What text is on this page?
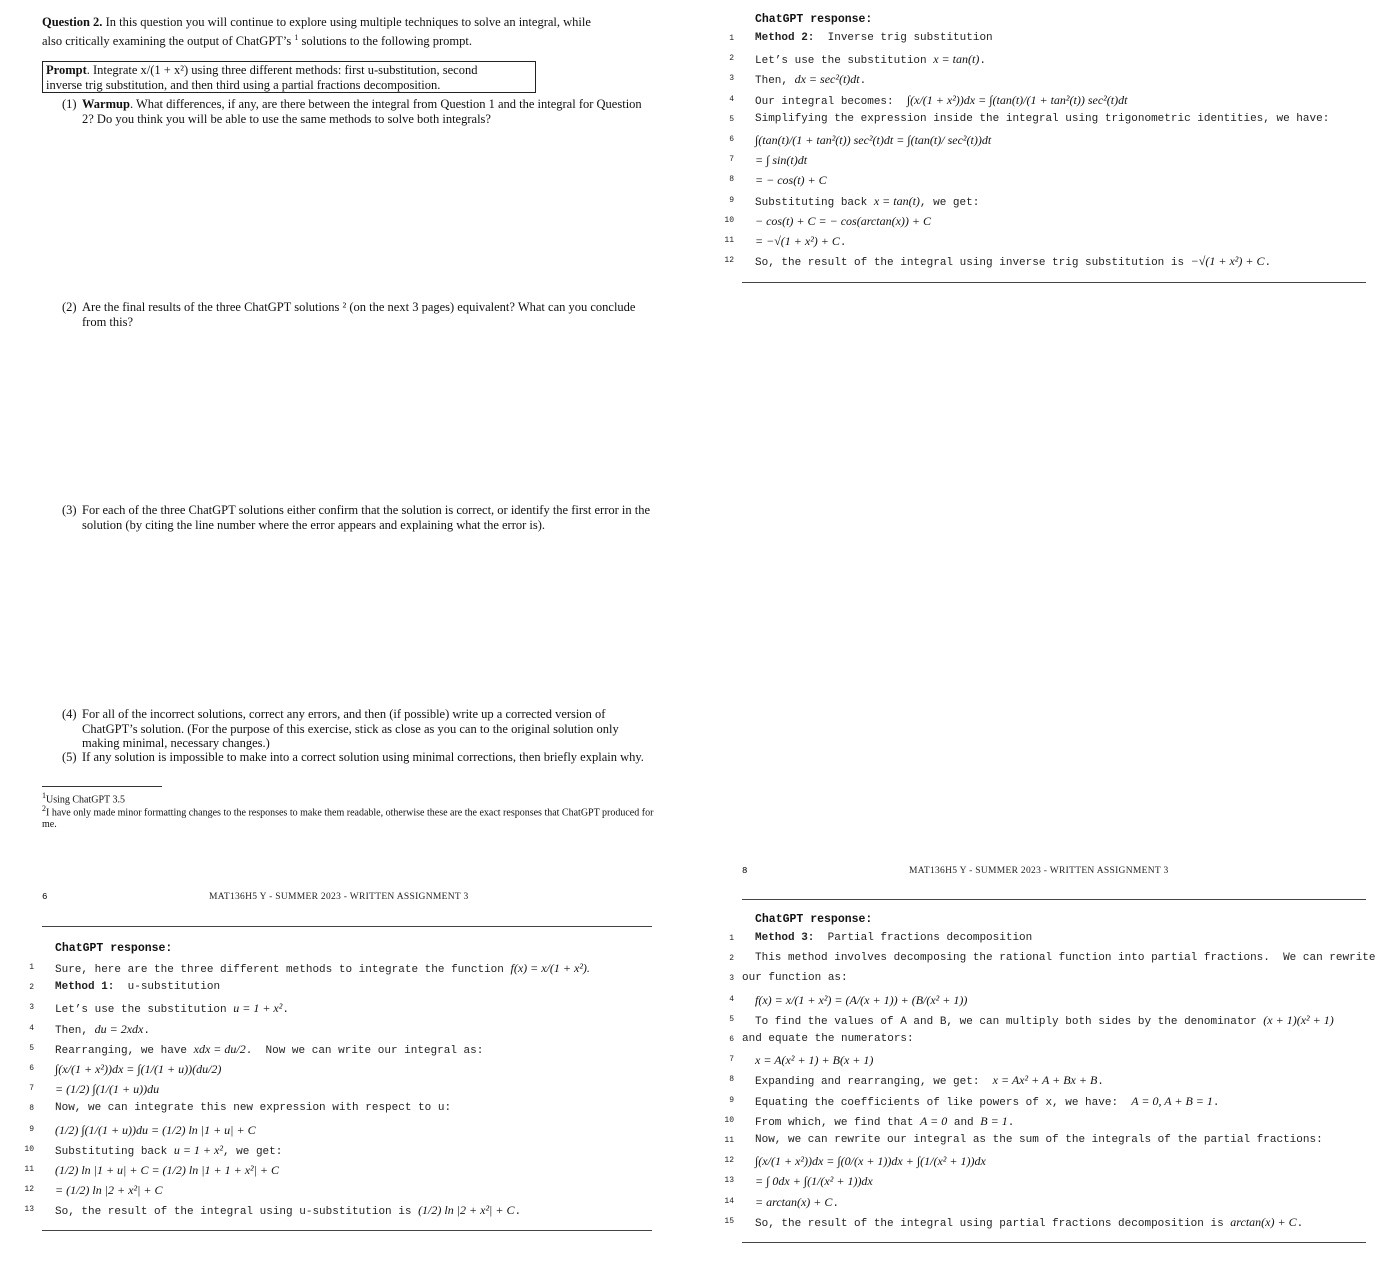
Question 2. In this question you will continue to explore using multiple techniques to solve an integral, while
also critically examining the output of ChatGPT’s $^1$ solutions to the following prompt.
Prompt. Integrate x/(1 + x²) using three different methods: first u-substitution, second
inverse trig substitution, and then third using a partial fractions decomposition.
(1) Warmup. What differences, if any, are there between the integral from Question 1 and the integral for Question 2? Do you think you will be able to use the same methods to solve both integrals?
(2) Are the final results of the three ChatGPT solutions ² (on the next 3 pages) equivalent? What can you conclude from this?
(3) For each of the three ChatGPT solutions either confirm that the solution is correct, or identify the first error in the solution (by citing the line number where the error appears and explaining what the error is).
(4) For all of the incorrect solutions, correct any errors, and then (if possible) write up a corrected version of ChatGPT’s solution. (For the purpose of this exercise, stick as close as you can to the original solution only making minimal, necessary changes.)
(5) If any solution is impossible to make into a correct solution using minimal corrections, then briefly explain why.
$^1$Using ChatGPT 3.5
$^2$I have only made minor formatting changes to the responses to make them readable, otherwise these are the exact responses that ChatGPT produced for me.
ChatGPT response:
1 Method 2:  Inverse trig substitution
2 Let’s use the substitution x = tan(t).
3 Then, dx = sec²(t)dt.
4 Our integral becomes:  ∫(x/(1 + x²))dx = ∫(tan(t)/(1 + tan²(t)) sec²(t)dt
5 Simplifying the expression inside the integral using trigonometric identities, we have:
6 ∫(tan(t)/(1 + tan²(t)) sec²(t)dt = ∫(tan(t)/ sec²(t))dt
7 = ∫ sin(t)dt
8 = − cos(t) + C
9 Substituting back x = tan(t), we get:
10 − cos(t) + C = − cos(arctan(x)) + C
11 = −√(1 + x²) + C.
12 So, the result of the integral using inverse trig substitution is −√(1 + x²) + C.
6	MAT136H5 Y - SUMMER 2023 - WRITTEN ASSIGNMENT 3
ChatGPT response:
1 Sure, here are the three different methods to integrate the function f(x) = x/(1 + x²).
2 Method 1:  u-substitution
3 Let’s use the substitution u = 1 + x².
4 Then, du = 2xdx.
5 Rearranging, we have xdx = du/2.  Now we can write our integral as:
6 ∫(x/(1 + x²))dx = ∫(1/(1 + u))(du/2)
7 = (1/2) ∫(1/(1 + u))du
8 Now, we can integrate this new expression with respect to u:
9 (1/2) ∫(1/(1 + u))du = (1/2) ln |1 + u| + C
10 Substituting back u = 1 + x², we get:
11 (1/2) ln |1 + u| + C = (1/2) ln |1 + 1 + x²| + C
12 = (1/2) ln |2 + x²| + C
13 So, the result of the integral using u-substitution is (1/2) ln |2 + x²| + C.
8	MAT136H5 Y - SUMMER 2023 - WRITTEN ASSIGNMENT 3
ChatGPT response:
1 Method 3:  Partial fractions decomposition
2 This method involves decomposing the rational function into partial fractions.  We can rewrite
3 our function as:
4 f(x) = x/(1 + x²) = (A/(x + 1)) + (B/(x² + 1))
5 To find the values of A and B, we can multiply both sides by the denominator (x + 1)(x² + 1)
6 and equate the numerators:
7 x = A(x² + 1) + B(x + 1)
8 Expanding and rearranging, we get:  x = Ax² + A + Bx + B.
9 Equating the coefficients of like powers of x, we have:  A = 0, A + B = 1.
10 From which, we find that A = 0 and B = 1.
11 Now, we can rewrite our integral as the sum of the integrals of the partial fractions:
12 ∫(x/(1 + x²))dx = ∫(0/(x + 1))dx + ∫(1/(x² + 1))dx
13 = ∫ 0dx + ∫(1/(x² + 1))dx
14 = arctan(x) + C.
15 So, the result of the integral using partial fractions decomposition is arctan(x) + C.
